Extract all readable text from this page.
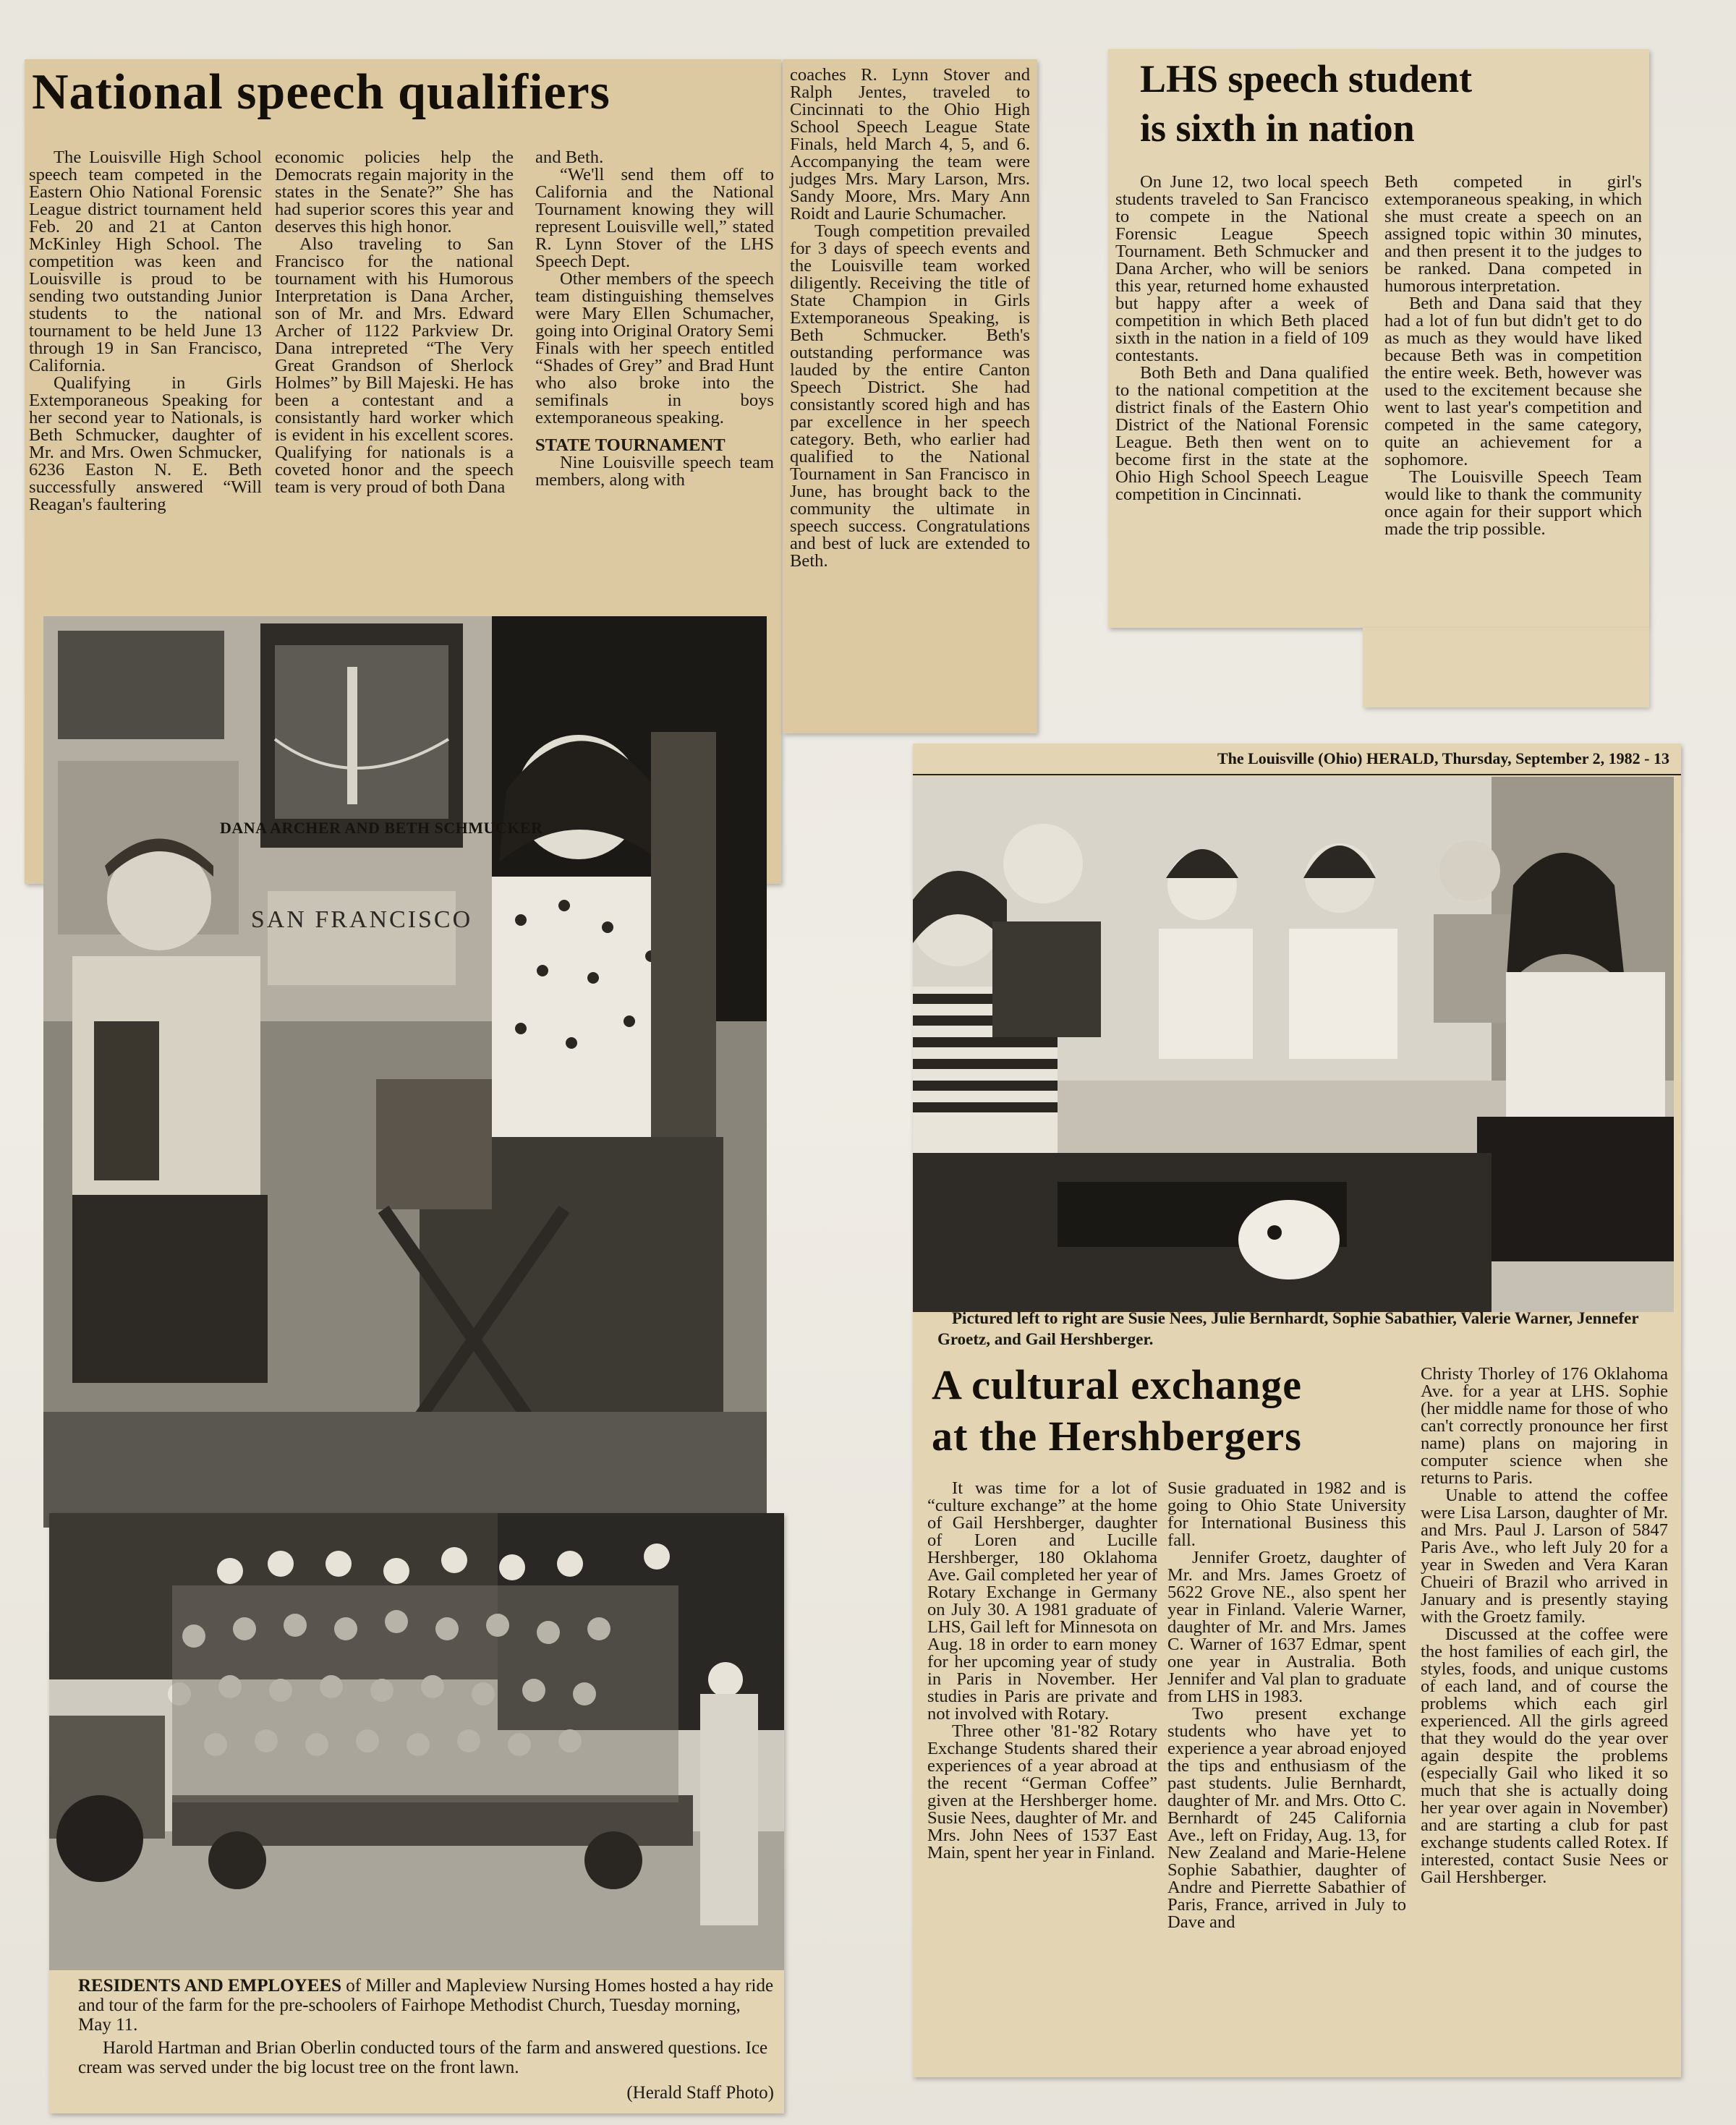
National speech qualifiers

The Louisville High School speech team competed in the Eastern Ohio National Forensic League district tournament held Feb. 20 and 21 at Canton McKinley High School. The competition was keen and Louisville is proud to be sending two outstanding Junior students to the national tournament to be held June 13 through 19 in San Francisco, California.

Qualifying in Girls Extemporaneous Speaking for her second year to Nationals, is Beth Schmucker, daughter of Mr. and Mrs. Owen Schmucker, 6236 Easton N. E. Beth successfully answered “Will Reagan's faultering

economic policies help the Democrats regain majority in the states in the Senate?” She has had superior scores this year and deserves this high honor.

Also traveling to San Francisco for the national tournament with his Humorous Interpretation is Dana Archer, son of Mr. and Mrs. Edward Archer of 1122 Parkview Dr. Dana intrepreted “The Very Great Grandson of Sherlock Holmes” by Bill Majeski. He has been a contestant and a consistantly hard worker which is evident in his excellent scores. Qualifying for nationals is a coveted honor and the speech team is very proud of both Dana

and Beth.

“We'll send them off to California and the National Tournament knowing they will represent Louisville well,” stated R. Lynn Stover of the LHS Speech Dept.

Other members of the speech team distinguishing themselves were Mary Ellen Schumacher, going into Original Oratory Semi Finals with her speech entitled “Shades of Grey” and Brad Hunt who also broke into the semifinals in boys extemporaneous speaking.

STATE TOURNAMENT

Nine Louisville speech team members, along with

SAN FRANCISCO

DANA ARCHER AND BETH SCHMUCKER

coaches R. Lynn Stover and Ralph Jentes, traveled to Cincinnati to the Ohio High School Speech League State Finals, held March 4, 5, and 6. Accompanying the team were judges Mrs. Mary Larson, Mrs. Sandy Moore, Mrs. Mary Ann Roidt and Laurie Schumacher.

Tough competition prevailed for 3 days of speech events and the Louisville team worked diligently. Receiving the title of State Champion in Girls Extemporaneous Speaking, is Beth Schmucker. Beth's outstanding performance was lauded by the entire Canton Speech District. She had consistantly scored high and has par excellence in her speech category. Beth, who earlier had qualified to the National Tournament in San Francisco in June, has brought back to the community the ultimate in speech success. Congratulations and best of luck are extended to Beth.

LHS speech student
is sixth in nation

On June 12, two local speech students traveled to San Francisco to compete in the National Forensic League Speech Tournament. Beth Schmucker and Dana Archer, who will be seniors this year, returned home exhausted but happy after a week of competition in which Beth placed sixth in the nation in a field of 109 contestants.

Both Beth and Dana qualified to the national competition at the district finals of the Eastern Ohio District of the National Forensic League. Beth then went on to become first in the state at the Ohio High School Speech League competition in Cincinnati.

Beth competed in girl's extemporaneous speaking, in which she must create a speech on an assigned topic within 30 minutes, and then present it to the judges to be ranked. Dana competed in humorous interpretation.

Beth and Dana said that they had a lot of fun but didn't get to do as much as they would have liked because Beth was in competition the entire week. Beth, however was used to the excitement because she went to last year's competition and competed in the same category, quite an achievement for a sophomore.

The Louisville Speech Team would like to thank the community once again for their support which made the trip possible.

RESIDENTS AND EMPLOYEES of Miller and Mapleview Nursing Homes hosted a hay ride and tour of the farm for the pre-schoolers of Fairhope Methodist Church, Tuesday morning, May 11.

Harold Hartman and Brian Oberlin conducted tours of the farm and answered questions. Ice cream was served under the big locust tree on the front lawn.

(Herald Staff Photo)

The Louisville (Ohio) HERALD, Thursday, September 2, 1982 - 13

Pictured left to right are Susie Nees, Julie Bernhardt, Sophie Sabathier, Valerie Warner, Jennefer Groetz, and Gail Hershberger.

A cultural exchange
at the Hershbergers

It was time for a lot of “culture exchange” at the home of Gail Hershberger, daughter of Loren and Lucille Hershberger, 180 Oklahoma Ave. Gail completed her year of Rotary Exchange in Germany on July 30. A 1981 graduate of LHS, Gail left for Minnesota on Aug. 18 in order to earn money for her upcoming year of study in Paris in November. Her studies in Paris are private and not involved with Rotary.

Three other '81-'82 Rotary Exchange Students shared their experiences of a year abroad at the recent “German Coffee” given at the Hershberger home. Susie Nees, daughter of Mr. and Mrs. John Nees of 1537 East Main, spent her year in Finland.

Susie graduated in 1982 and is going to Ohio State University for International Business this fall.

Jennifer Groetz, daughter of Mr. and Mrs. James Groetz of 5622 Grove NE., also spent her year in Finland. Valerie Warner, daughter of Mr. and Mrs. James C. Warner of 1637 Edmar, spent one year in Australia. Both Jennifer and Val plan to graduate from LHS in 1983.

Two present exchange students who have yet to experience a year abroad enjoyed the tips and enthusiasm of the past students. Julie Bernhardt, daughter of Mr. and Mrs. Otto C. Bernhardt of 245 California Ave., left on Friday, Aug. 13, for New Zealand and Marie-Helene Sophie Sabathier, daughter of Andre and Pierrette Sabathier of Paris, France, arrived in July to Dave and

Christy Thorley of 176 Oklahoma Ave. for a year at LHS. Sophie (her middle name for those of who can't correctly pronounce her first name) plans on majoring in computer science when she returns to Paris.

Unable to attend the coffee were Lisa Larson, daughter of Mr. and Mrs. Paul J. Larson of 5847 Paris Ave., who left July 20 for a year in Sweden and Vera Karan Chueiri of Brazil who arrived in January and is presently staying with the Groetz family.

Discussed at the coffee were the host families of each girl, the styles, foods, and unique customs of each land, and of course the problems which each girl experienced. All the girls agreed that they would do the year over again despite the problems (especially Gail who liked it so much that she is actually doing her year over again in November) and are starting a club for past exchange students called Rotex. If interested, contact Susie Nees or Gail Hershberger.
